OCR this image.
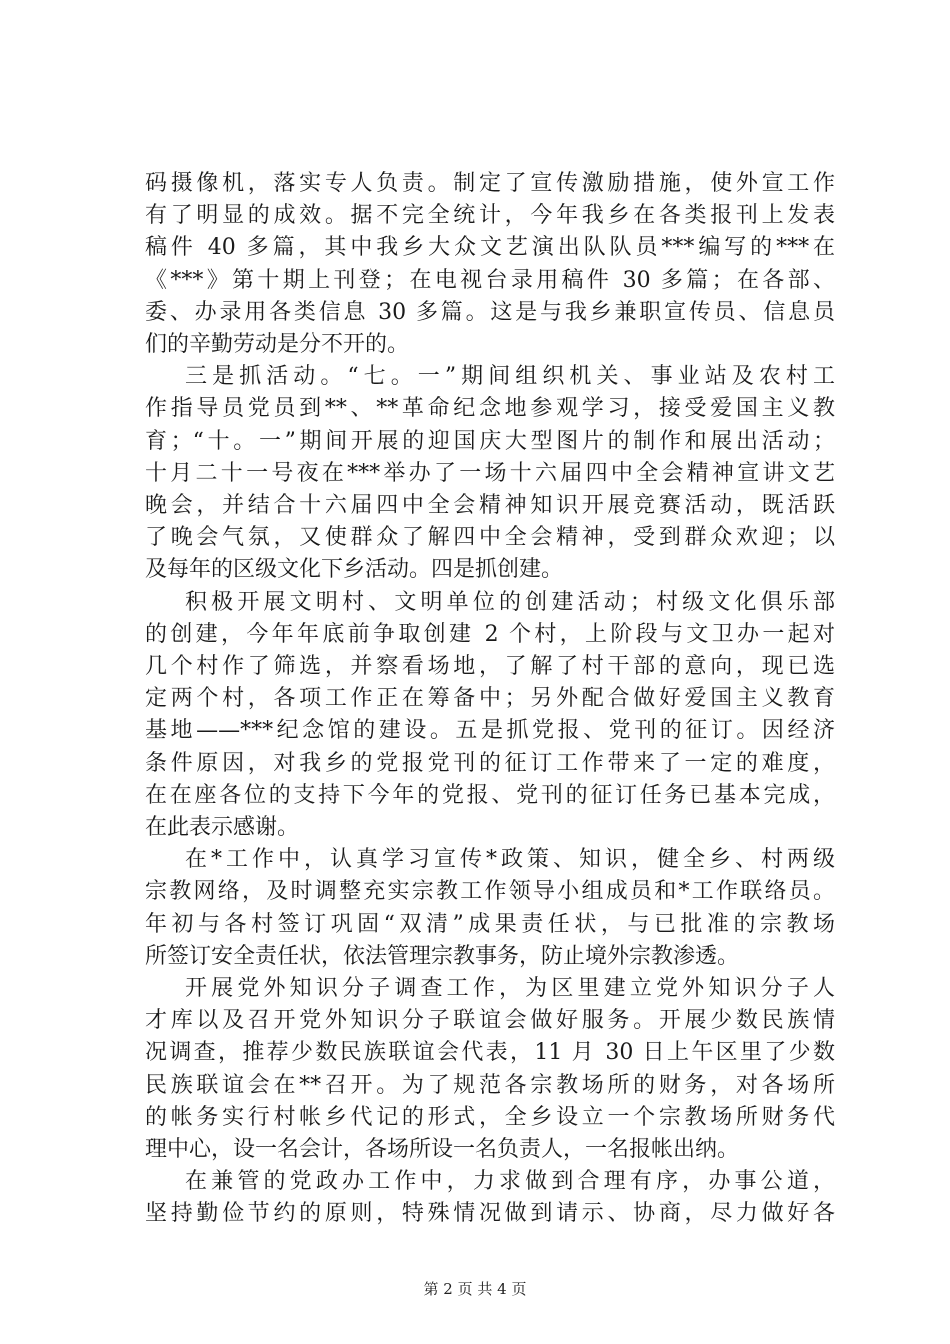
码摄像机，落实专人负责。制定了宣传激励措施，使外宣工作
有了明显的成效。据不完全统计，今年我乡在各类报刊上发表
稿件 40 多篇，其中我乡大众文艺演出队队员***编写的***在
《***》第十期上刊登；在电视台录用稿件 30 多篇；在各部、
委、办录用各类信息 30 多篇。这是与我乡兼职宣传员、信息员
们的辛勤劳动是分不开的。
三是抓活动。“七。一”期间组织机关、事业站及农村工
作指导员党员到**、**革命纪念地参观学习，接受爱国主义教
育；“十。一”期间开展的迎国庆大型图片的制作和展出活动；
十月二十一号夜在***举办了一场十六届四中全会精神宣讲文艺
晚会，并结合十六届四中全会精神知识开展竞赛活动，既活跃
了晚会气氛，又使群众了解四中全会精神，受到群众欢迎；以
及每年的区级文化下乡活动。四是抓创建。
积极开展文明村、文明单位的创建活动；村级文化俱乐部
的创建，今年年底前争取创建 2 个村，上阶段与文卫办一起对
几个村作了筛选，并察看场地，了解了村干部的意向，现已选
定两个村，各项工作正在筹备中；另外配合做好爱国主义教育
基地——***纪念馆的建设。五是抓党报、党刊的征订。因经济
条件原因，对我乡的党报党刊的征订工作带来了一定的难度，
在在座各位的支持下今年的党报、党刊的征订任务已基本完成，
在此表示感谢。
在*工作中，认真学习宣传*政策、知识，健全乡、村两级
宗教网络，及时调整充实宗教工作领导小组成员和*工作联络员。
年初与各村签订巩固“双清”成果责任状，与已批准的宗教场
所签订安全责任状，依法管理宗教事务，防止境外宗教渗透。
开展党外知识分子调查工作，为区里建立党外知识分子人
才库以及召开党外知识分子联谊会做好服务。开展少数民族情
况调查，推荐少数民族联谊会代表，11 月 30 日上午区里了少数
民族联谊会在**召开。为了规范各宗教场所的财务，对各场所
的帐务实行村帐乡代记的形式，全乡设立一个宗教场所财务代
理中心，设一名会计，各场所设一名负责人，一名报帐出纳。
在兼管的党政办工作中，力求做到合理有序，办事公道，
坚持勤俭节约的原则，特殊情况做到请示、协商，尽力做好各
第 2 页 共 4 页
